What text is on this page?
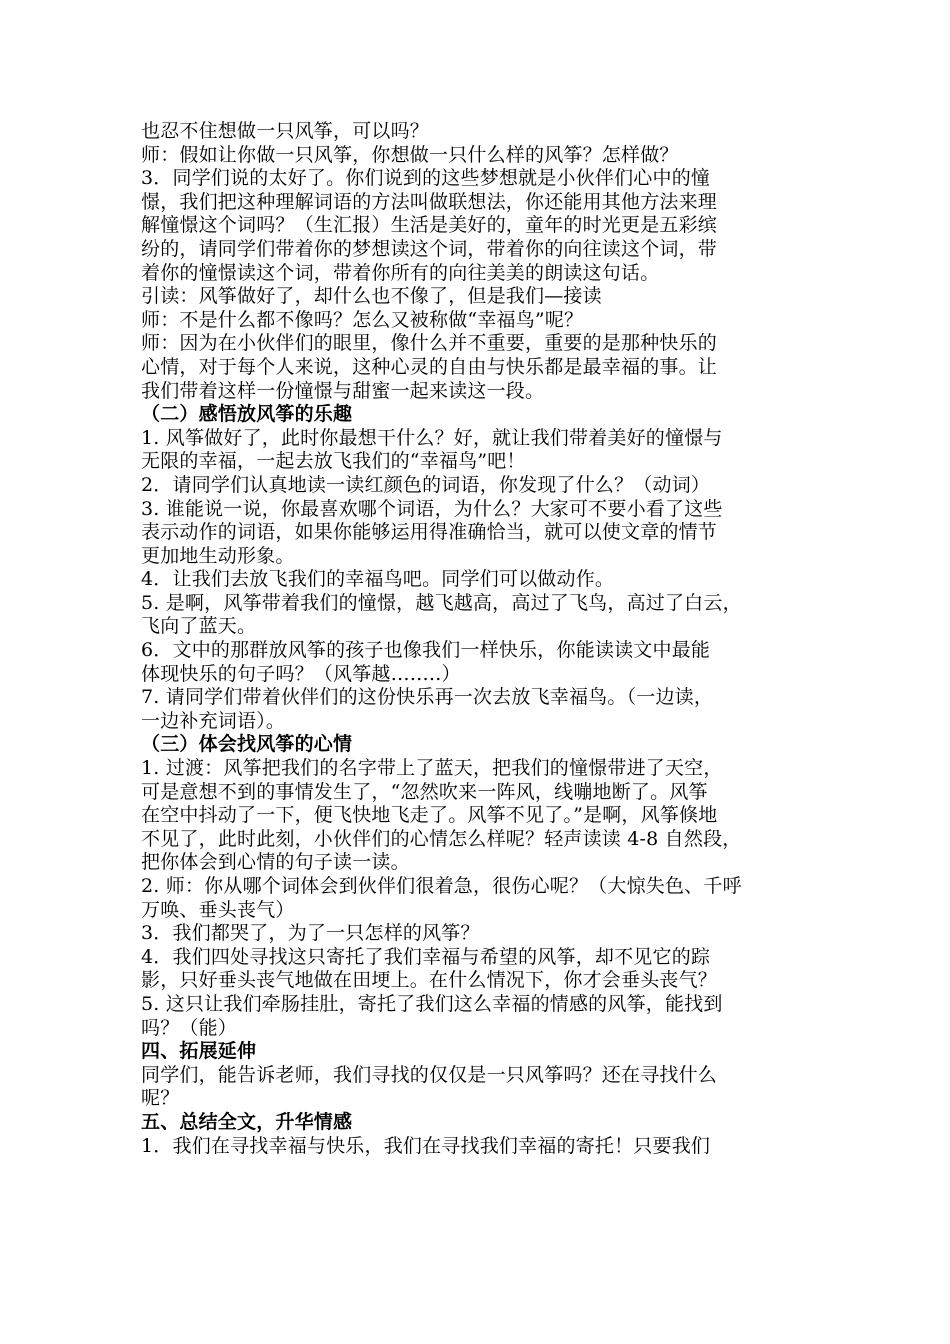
也忍不住想做一只风筝，可以吗？
师：假如让你做一只风筝，你想做一只什么样的风筝？怎样做？
3．同学们说的太好了。你们说到的这些梦想就是小伙伴们心中的憧
憬，我们把这种理解词语的方法叫做联想法，你还能用其他方法来理
解憧憬这个词吗？（生汇报）生活是美好的，童年的时光更是五彩缤
纷的，请同学们带着你的梦想读这个词，带着你的向往读这个词，带
着你的憧憬读这个词，带着你所有的向往美美的朗读这句话。
引读：风筝做好了，却什么也不像了，但是我们—接读
师：不是什么都不像吗？怎么又被称做“幸福鸟”呢？
师：因为在小伙伴们的眼里，像什么并不重要，重要的是那种快乐的
心情，对于每个人来说，这种心灵的自由与快乐都是最幸福的事。让
我们带着这样一份憧憬与甜蜜一起来读这一段。
（二）感悟放风筝的乐趣
1. 风筝做好了，此时你最想干什么？好，就让我们带着美好的憧憬与
无限的幸福，一起去放飞我们的“幸福鸟”吧！
2．请同学们认真地读一读红颜色的词语，你发现了什么？（动词）
3. 谁能说一说，你最喜欢哪个词语，为什么？大家可不要小看了这些
表示动作的词语，如果你能够运用得准确恰当，就可以使文章的情节
更加地生动形象。
4．让我们去放飞我们的幸福鸟吧。同学们可以做动作。
5. 是啊，风筝带着我们的憧憬，越飞越高，高过了飞鸟，高过了白云，
飞向了蓝天。
6．文中的那群放风筝的孩子也像我们一样快乐，你能读读文中最能
体现快乐的句子吗？（风筝越……..）
7. 请同学们带着伙伴们的这份快乐再一次去放飞幸福鸟。（一边读，
一边补充词语）。
（三）体会找风筝的心情
1. 过渡：风筝把我们的名字带上了蓝天，把我们的憧憬带进了天空，
可是意想不到的事情发生了，“忽然吹来一阵风，线嘣地断了。风筝
在空中抖动了一下，便飞快地飞走了。风筝不见了。”是啊，风筝倏地
不见了，此时此刻，小伙伴们的心情怎么样呢？轻声读读 4-8 自然段，
把你体会到心情的句子读一读。
2. 师：你从哪个词体会到伙伴们很着急，很伤心呢？（大惊失色、千呼
万唤、垂头丧气）
3．我们都哭了，为了一只怎样的风筝？
4．我们四处寻找这只寄托了我们幸福与希望的风筝，却不见它的踪
影，只好垂头丧气地做在田埂上。在什么情况下，你才会垂头丧气？
5. 这只让我们牵肠挂肚，寄托了我们这么幸福的情感的风筝，能找到
吗？（能）
四、拓展延伸
同学们，能告诉老师，我们寻找的仅仅是一只风筝吗？还在寻找什么
呢？
五、总结全文，升华情感
1．我们在寻找幸福与快乐，我们在寻找我们幸福的寄托！只要我们
